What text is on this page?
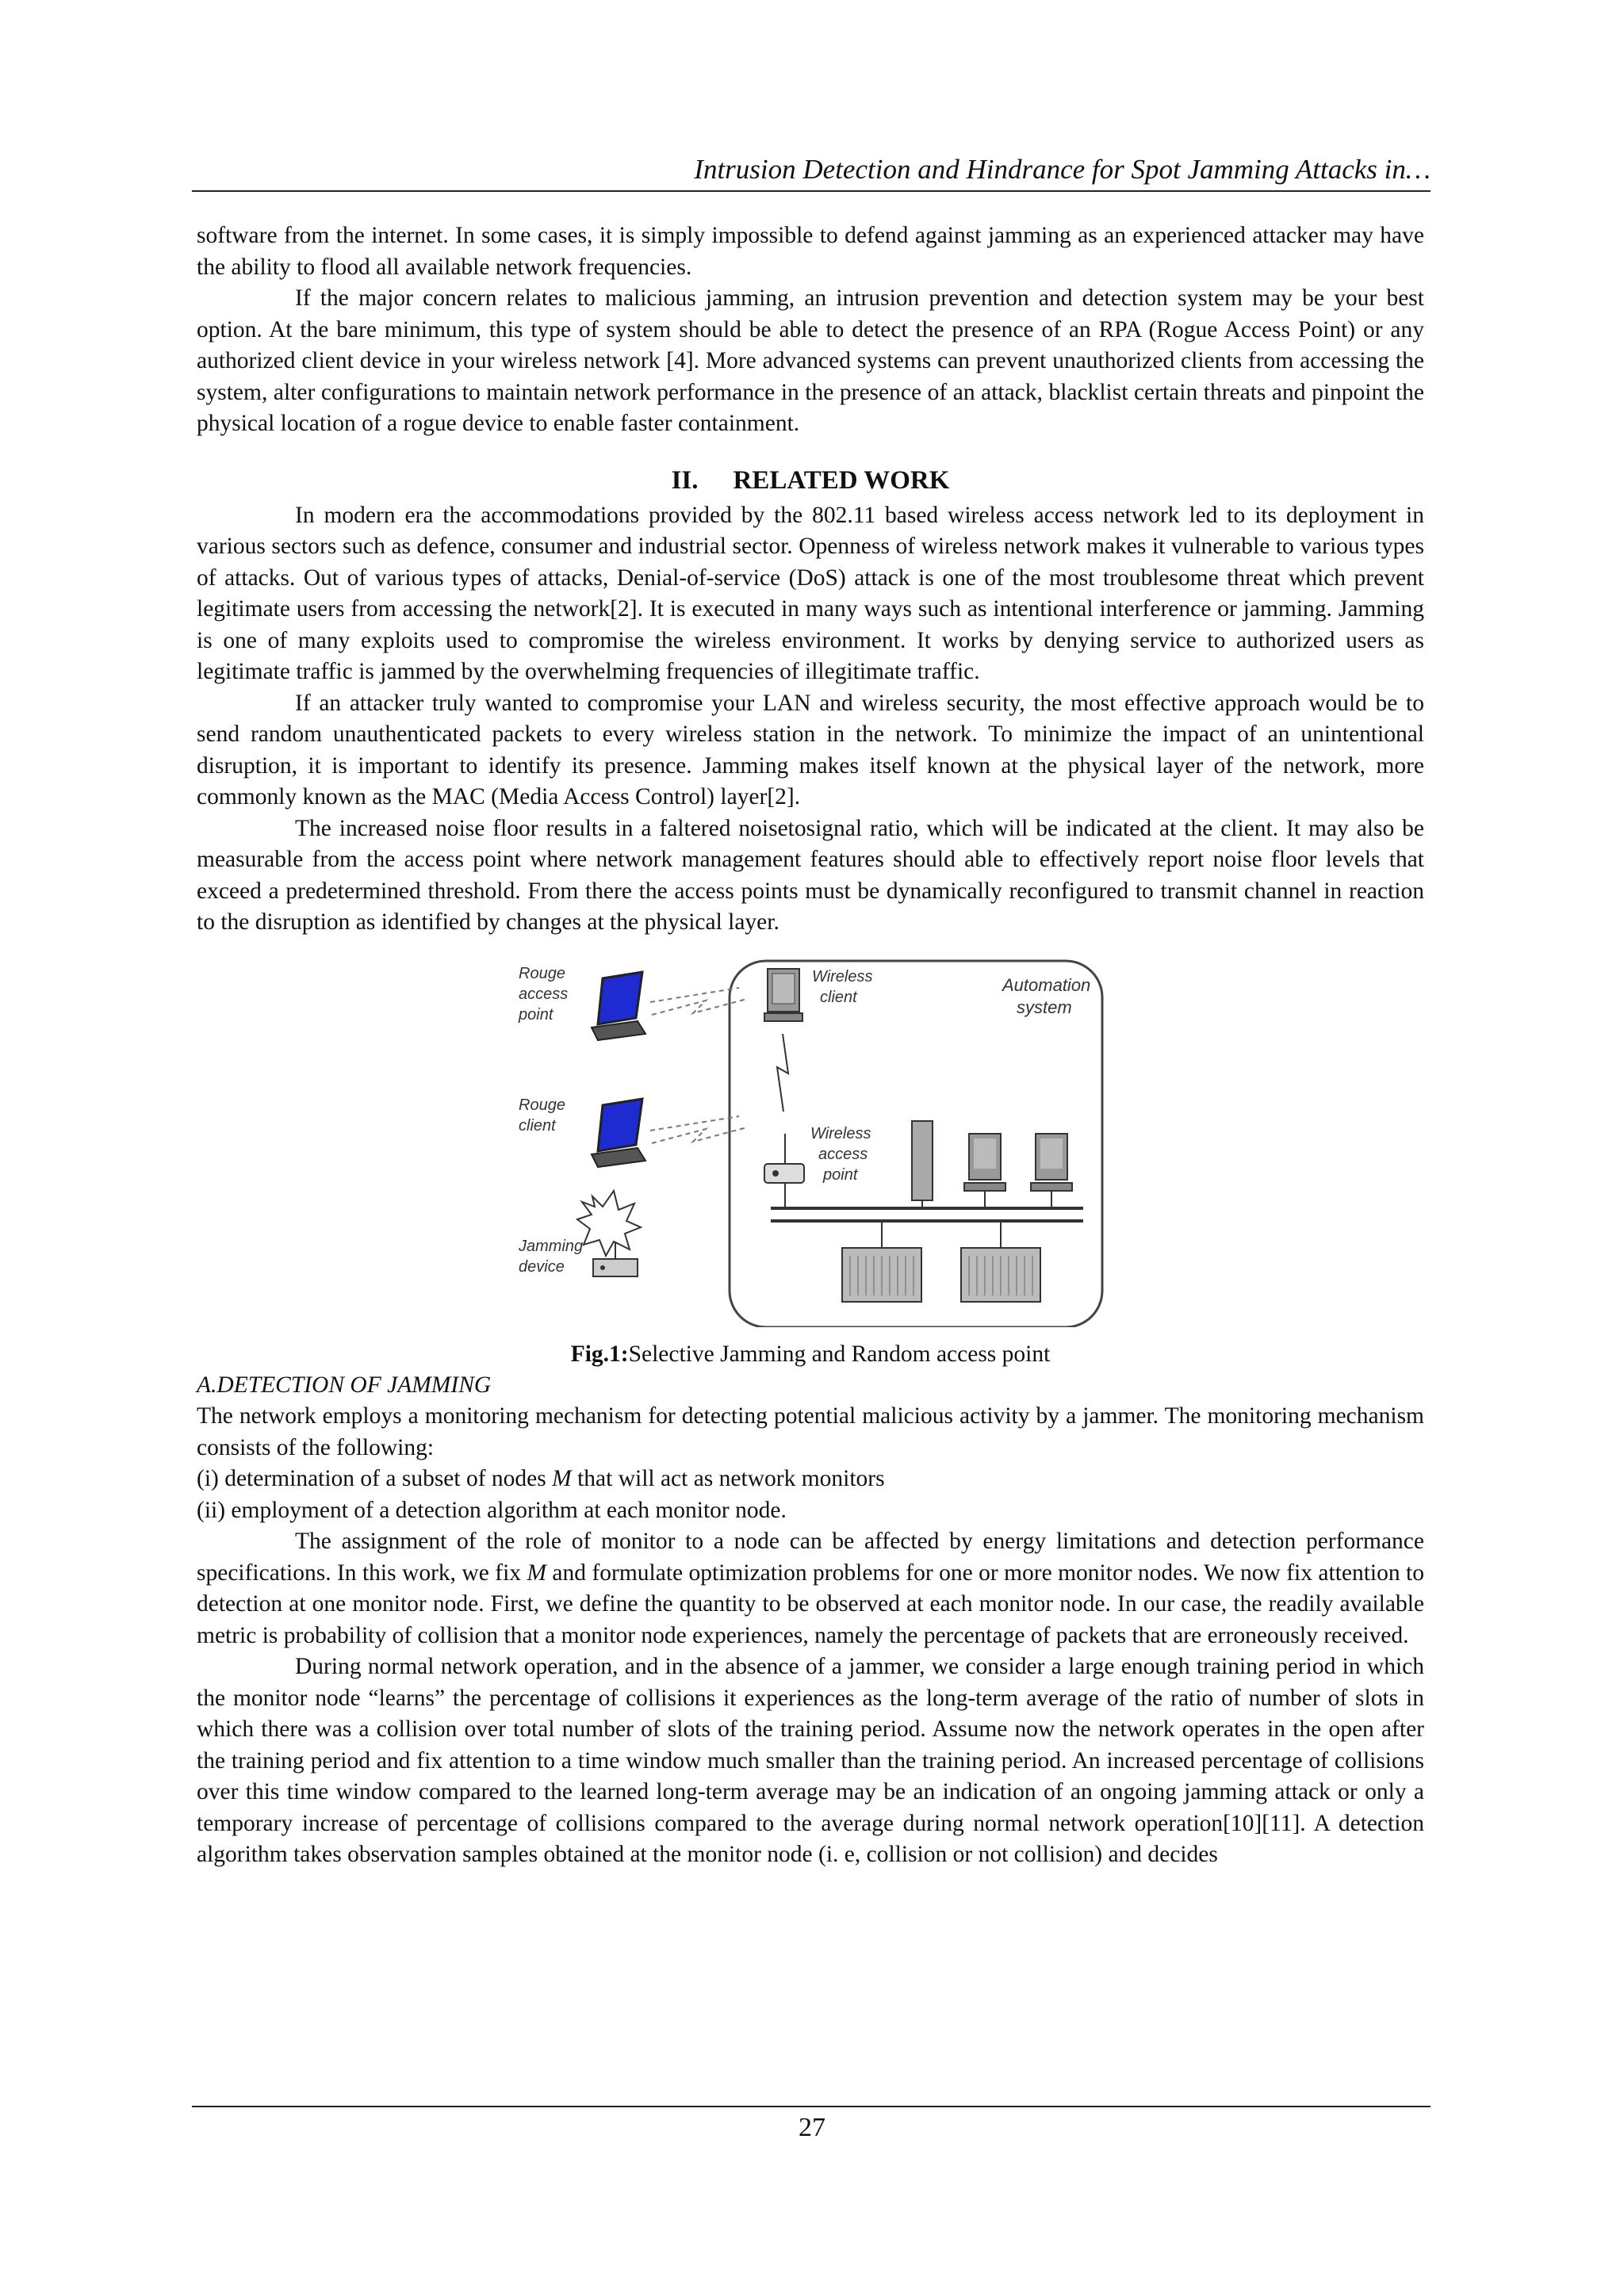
Intrusion Detection and Hindrance for Spot Jamming Attacks in…

software from the internet. In some cases, it is simply impossible to defend against jamming as an experienced attacker may have the ability to flood all available network frequencies.

If the major concern relates to malicious jamming, an intrusion prevention and detection system may be your best option. At the bare minimum, this type of system should be able to detect the presence of an RPA (Rogue Access Point) or any authorized client device in your wireless network [4]. More advanced systems can prevent unauthorized clients from accessing the system, alter configurations to maintain network performance in the presence of an attack, blacklist certain threats and pinpoint the physical location of a rogue device to enable faster containment.

II. RELATED WORK

In modern era the accommodations provided by the 802.11 based wireless access network led to its deployment in various sectors such as defence, consumer and industrial sector. Openness of wireless network makes it vulnerable to various types of attacks. Out of various types of attacks, Denial-of-service (DoS) attack is one of the most troublesome threat which prevent legitimate users from accessing the network[2]. It is executed in many ways such as intentional interference or jamming. Jamming is one of many exploits used to compromise the wireless environment. It works by denying service to authorized users as legitimate traffic is jammed by the overwhelming frequencies of illegitimate traffic.

If an attacker truly wanted to compromise your LAN and wireless security, the most effective approach would be to send random unauthenticated packets to every wireless station in the network. To minimize the impact of an unintentional disruption, it is important to identify its presence. Jamming makes itself known at the physical layer of the network, more commonly known as the MAC (Media Access Control) layer[2].

The increased noise floor results in a faltered noisetosignal ratio, which will be indicated at the client. It may also be measurable from the access point where network management features should able to effectively report noise floor levels that exceed a predetermined threshold. From there the access points must be dynamically reconfigured to transmit channel in reaction to the disruption as identified by changes at the physical layer.

Rouge
access
point
Rouge
client
Jamming
device
Wireless
client
Automation
system
Wireless
access
point
Fig.1:Selective Jamming and Random access point

A.DETECTION OF JAMMING

The network employs a monitoring mechanism for detecting potential malicious activity by a jammer. The monitoring mechanism consists of the following:

(i) determination of a subset of nodes M that will act as network monitors

(ii) employment of a detection algorithm at each monitor node.

The assignment of the role of monitor to a node can be affected by energy limitations and detection performance specifications. In this work, we fix M and formulate optimization problems for one or more monitor nodes. We now fix attention to detection at one monitor node. First, we define the quantity to be observed at each monitor node. In our case, the readily available metric is probability of collision that a monitor node experiences, namely the percentage of packets that are erroneously received.

During normal network operation, and in the absence of a jammer, we consider a large enough training period in which the monitor node “learns” the percentage of collisions it experiences as the long-term average of the ratio of number of slots in which there was a collision over total number of slots of the training period. Assume now the network operates in the open after the training period and fix attention to a time window much smaller than the training period. An increased percentage of collisions over this time window compared to the learned long-term average may be an indication of an ongoing jamming attack or only a temporary increase of percentage of collisions compared to the average during normal network operation[10][11]. A detection algorithm takes observation samples obtained at the monitor node (i. e, collision or not collision) and decides

27
